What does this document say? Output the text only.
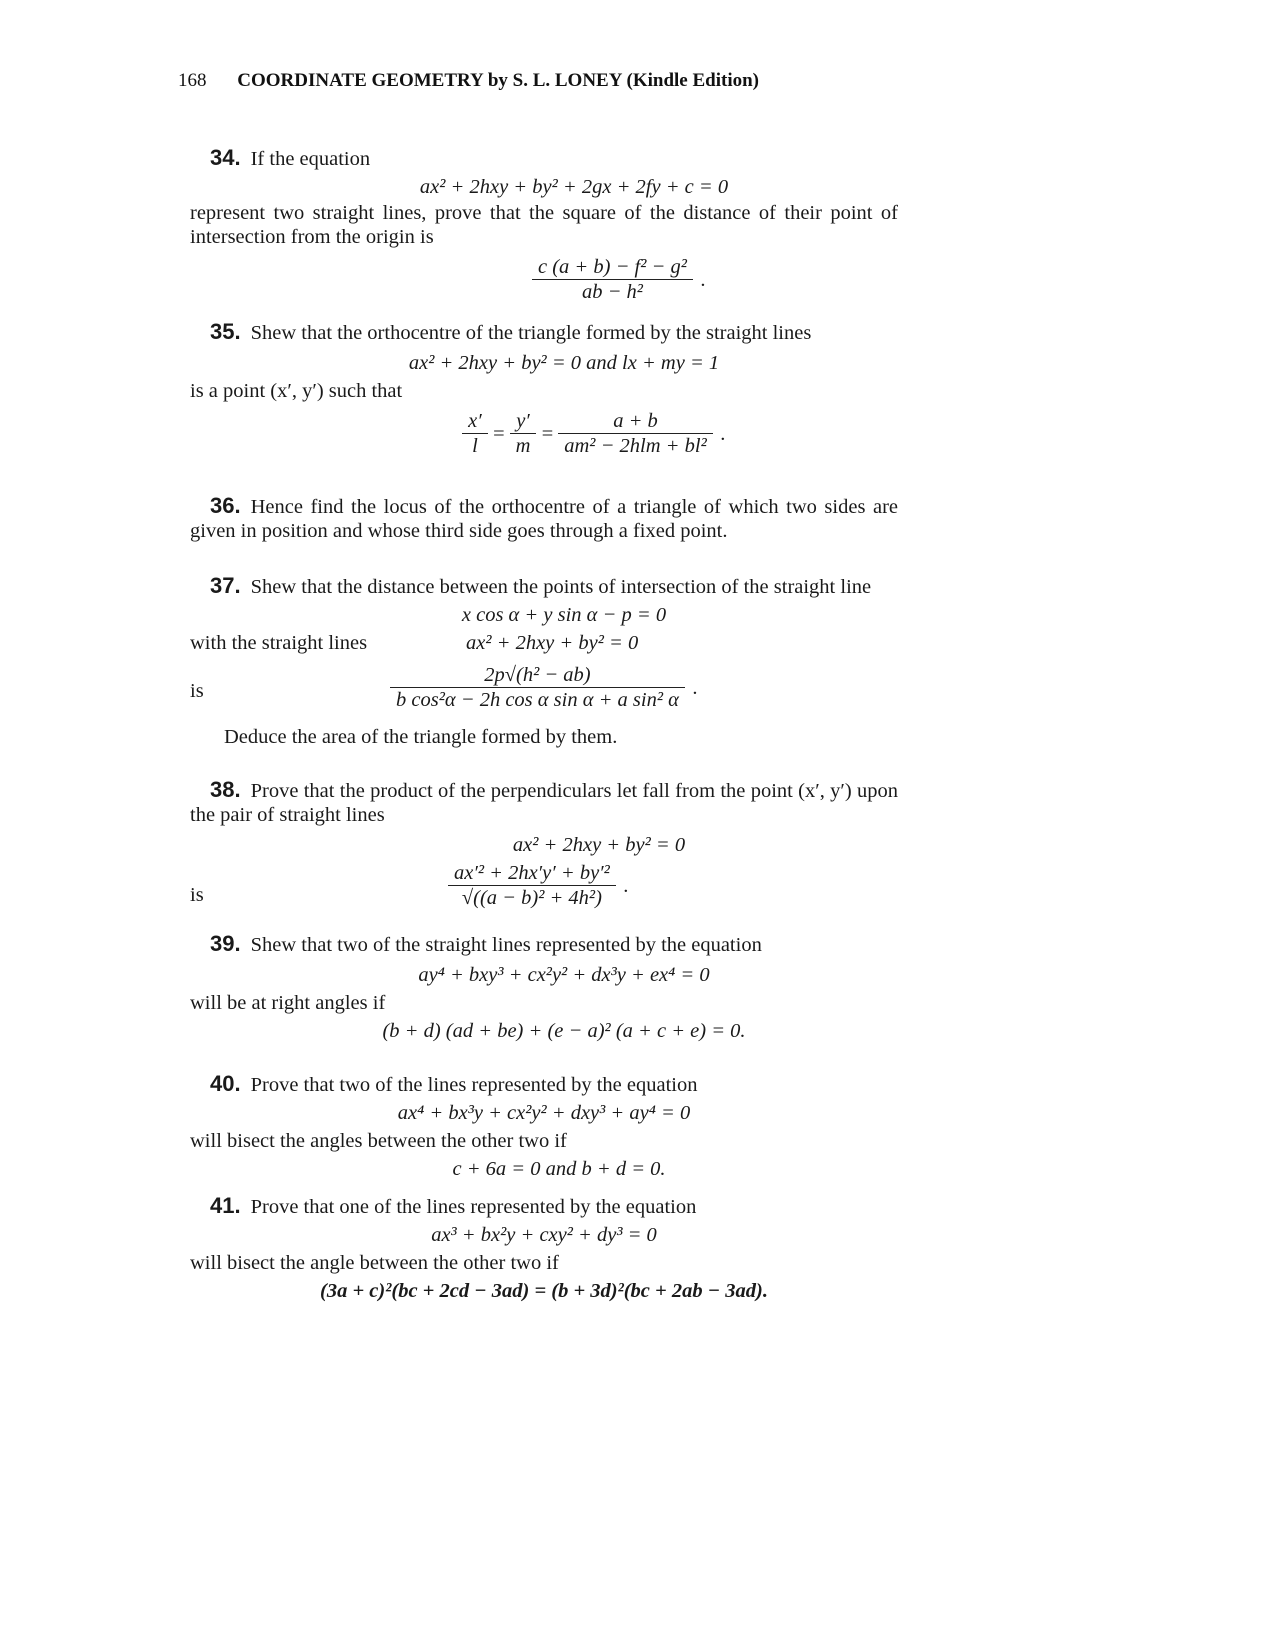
168 COORDINATE GEOMETRY by S. L. LONEY (Kindle Edition)
34. If the equation
ax² + 2hxy + by² + 2gx + 2fy + c = 0
represent two straight lines, prove that the square of the distance of their point of intersection from the origin is
$\frac{\text{c (a + b) − f² − g²}}{\text{ab − h²}}$ .
35. Shew that the orthocentre of the triangle formed by the straight lines
ax² + 2hxy + by² = 0 and lx + my = 1
is a point (x′, y′) such that
$\frac{x'}{l} = \frac{y'}{m} = \frac{a + b}{\text{am² − 2hlm + bl²}}$ .
36. Hence find the locus of the orthocentre of a triangle of which two sides are given in position and whose third side goes through a fixed point.
37. Shew that the distance between the points of intersection of the straight line
x cos α + y sin α − p = 0
with the straight lines	ax² + 2hxy + by² = 0
is	$\frac{\text{2p√(h² − ab)}}{\text{b cos²α − 2h cos α sin α + a sin² α}}$ .
Deduce the area of the triangle formed by them.
38. Prove that the product of the perpendiculars let fall from the point (x′, y′) upon the pair of straight lines
ax² + 2hxy + by² = 0
is	$\frac{\text{ax′² + 2hx′y′ + by′²}}{\text{√((a − b)² + 4h²)}}$ .
39. Shew that two of the straight lines represented by the equation
ay⁴ + bxy³ + cx²y² + dx³y + ex⁴ = 0
will be at right angles if
(b + d) (ad + be) + (e − a)² (a + c + e) = 0.
40. Prove that two of the lines represented by the equation
ax⁴ + bx³y + cx²y² + dxy³ + ay⁴ = 0
will bisect the angles between the other two if
c + 6a = 0 and b + d = 0.
41. Prove that one of the lines represented by the equation
ax³ + bx²y + cxy² + dy³ = 0
will bisect the angle between the other two if
(3a + c)²(bc + 2cd − 3ad) = (b + 3d)²(bc + 2ab − 3ad).
